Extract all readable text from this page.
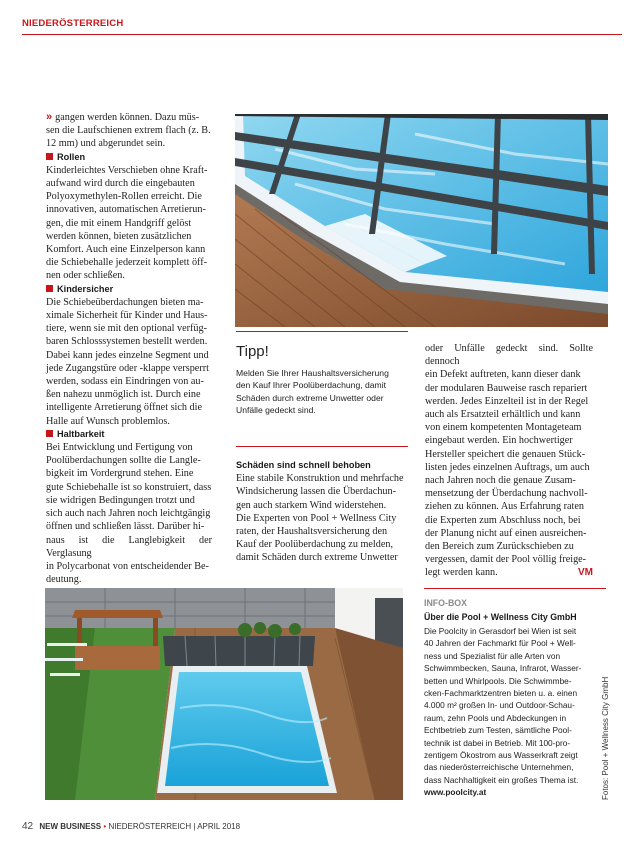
NIEDERÖSTERREICH

» gangen werden können. Dazu müs-

sen die Laufschienen extrem flach (z. B.

12 mm) und abgerundet sein.

Rollen

Kinderleichtes Verschieben ohne Kraft-

aufwand wird durch die eingebauten

Polyoxymethylen-Rollen erreicht. Die

innovativen, automatischen Arretierun-

gen, die mit einem Handgriff gelöst

werden können, bieten zusätzlichen

Komfort. Auch eine Einzelperson kann

die Schiebehalle jederzeit komplett öff-

nen oder schließen.

Kindersicher

Die Schiebeüberdachungen bieten ma-

ximale Sicherheit für Kinder und Haus-

tiere, wenn sie mit den optional verfüg-

baren Schlosssystemen bestellt werden.

Dabei kann jedes einzelne Segment und

jede Zugangstüre oder -klappe versperrt

werden, sodass ein Eindringen von au-

ßen nahezu unmöglich ist. Durch eine

intelligente Arretierung öffnet sich die

Halle auf Wunsch problemlos.

Haltbarkeit

Bei Entwicklung und Fertigung von

Poolüberdachungen sollte die Langle-

bigkeit im Vordergrund stehen. Eine

gute Schiebehalle ist so konstruiert, dass

sie widrigen Bedingungen trotzt und

sich auch nach Jahren noch leichtgängig

öffnen und schließen lässt. Darüber hi-

naus ist die Langlebigkeit der Verglasung

in Polycarbonat von entscheidender Be-

deutung.

Tipp!
Melden Sie Ihrer Haushaltsversicherung
den Kauf Ihrer Poolüberdachung, damit
Schäden durch extreme Unwetter oder
Unfälle gedeckt sind.

Schäden sind schnell behoben

Eine stabile Konstruktion und mehrfache

Windsicherung lassen die Überdachun-

gen auch starkem Wind widerstehen.

Die Experten von Pool + Wellness City

raten, der Haushaltsversicherung den

Kauf der Poolüberdachung zu melden,

damit Schäden durch extreme Unwetter

oder Unfälle gedeckt sind. Sollte dennoch

ein Defekt auftreten, kann dieser dank

der modularen Bauweise rasch repariert

werden. Jedes Einzelteil ist in der Regel

auch als Ersatzteil erhältlich und kann

von einem kompetenten Montageteam

eingebaut werden. Ein hochwertiger

Hersteller speichert die genauen Stück-

listen jedes einzelnen Auftrags, um auch

nach Jahren noch die genaue Zusam-

mensetzung der Überdachung nachvoll-

ziehen zu können. Aus Erfahrung raten

die Experten zum Abschluss noch, bei

der Planung nicht auf einen ausreichen-

den Bereich zum Zurückschieben zu

vergessen, damit der Pool völlig freige-

legt werden kann.	VM

INFO-BOX
Über die Pool + Wellness City GmbH
Die Poolcity in Gerasdorf bei Wien ist seit
40 Jahren der Fachmarkt für Pool + Well-
ness und Spezialist für alle Arten von
Schwimmbecken, Sauna, Infrarot, Wasser-
betten und Whirlpools. Die Schwimmbe-
cken-Fachmarktzentren bieten u. a. einen
4.000 m² großen In- und Outdoor-Schau-
raum, zehn Pools und Abdeckungen in
Echtbetrieb zum Testen, sämtliche Pool-
technik ist dabei in Betrieb. Mit 100-pro-
zentigem Ökostrom aus Wasserkraft zeigt
das niederösterreichische Unternehmen,
dass Nachhaltigkeit ein großes Thema ist.
www.poolcity.at	Fotos: Pool + Wellness City GmbH
42 NEW BUSINESS • NIEDERÖSTERREICH | APRIL 2018
